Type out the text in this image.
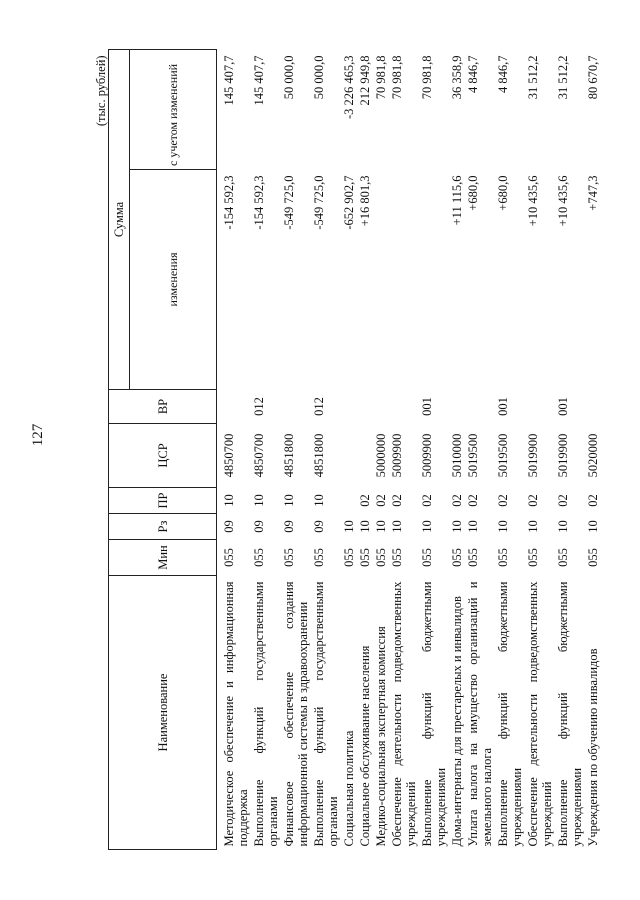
127
(тыс. рублей)							
Наименование	Мин	Рз	ПР	ЦСР	ВР	Сумма	
						изменения	с учетом изменений
Методическое обеспечение и информационная поддержка	055	09	10	4850700		-154 592,3	145 407,7
Выполнение функций государственными органами	055	09	10	4850700	012	-154 592,3	145 407,7
Финансовое обеспечение создания информационной системы в здравоохранении	055	09	10	4851800		-549 725,0	50 000,0
Выполнение функций государственными органами	055	09	10	4851800	012	-549 725,0	50 000,0
Социальная политика	055	10				-652 902,7	-3 226 465,3
Социальное обслуживание населения	055	10	02			+16 801,3	212 949,8
Медико-социальная экспертная комиссия	055	10	02	5000000			70 981,8
Обеспечение деятельности подведомственных учреждений	055	10	02	5009900			70 981,8
Выполнение функций бюджетными учреждениями	055	10	02	5009900	001		70 981,8
Дома-интернаты для престарелых и инвалидов	055	10	02	5010000		+11 115,6	36 358,9
Уплата налога на имущество организаций и земельного налога	055	10	02	5019500		+680,0	4 846,7
Выполнение функций бюджетными учреждениями	055	10	02	5019500	001	+680,0	4 846,7
Обеспечение деятельности подведомственных учреждений	055	10	02	5019900		+10 435,6	31 512,2
Выполнение функций бюджетными учреждениями	055	10	02	5019900	001	+10 435,6	31 512,2
Учреждения по обучению инвалидов	055	10	02	5020000		+747,3	80 670,7
